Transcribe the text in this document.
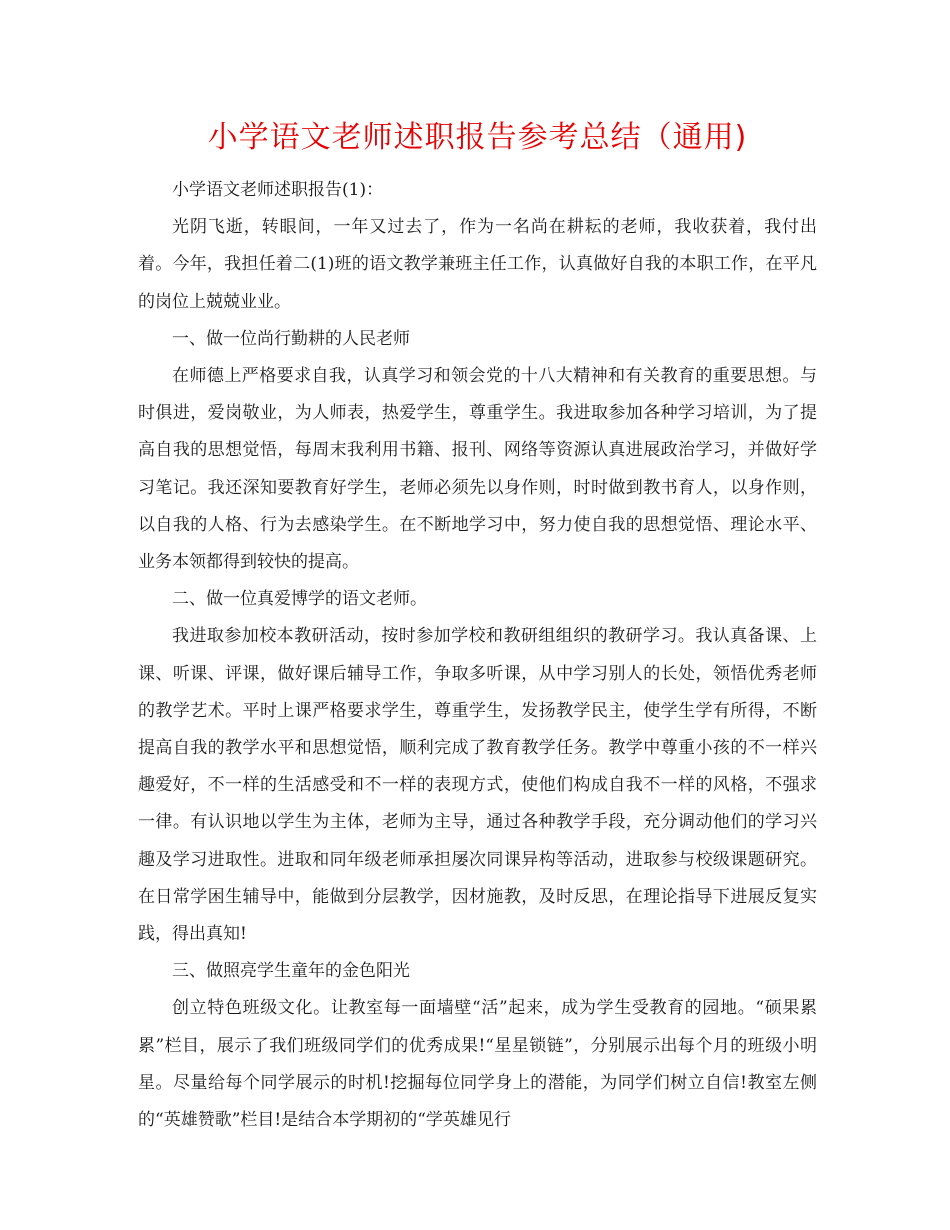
小学语文老师述职报告参考总结（通用)

小学语文老师述职报告(1)：

光阴飞逝，转眼间，一年又过去了，作为一名尚在耕耘的老师，我收获着，我付出着。今年，我担任着二(1)班的语文教学兼班主任工作，认真做好自我的本职工作，在平凡的岗位上兢兢业业。

一、做一位尚行勤耕的人民老师

在师德上严格要求自我，认真学习和领会党的十八大精神和有关教育的重要思想。与时俱进，爱岗敬业，为人师表，热爱学生，尊重学生。我进取参加各种学习培训，为了提高自我的思想觉悟，每周末我利用书籍、报刊、网络等资源认真进展政治学习，并做好学习笔记。我还深知要教育好学生，老师必须先以身作则，时时做到教书育人，以身作则，以自我的人格、行为去感染学生。在不断地学习中，努力使自我的思想觉悟、理论水平、业务本领都得到较快的提高。

二、做一位真爱博学的语文老师。

我进取参加校本教研活动，按时参加学校和教研组组织的教研学习。我认真备课、上课、听课、评课，做好课后辅导工作，争取多听课，从中学习别人的长处，领悟优秀老师的教学艺术。平时上课严格要求学生，尊重学生，发扬教学民主，使学生学有所得，不断提高自我的教学水平和思想觉悟，顺利完成了教育教学任务。教学中尊重小孩的不一样兴趣爱好，不一样的生活感受和不一样的表现方式，使他们构成自我不一样的风格，不强求一律。有认识地以学生为主体，老师为主导，通过各种教学手段，充分调动他们的学习兴趣及学习进取性。进取和同年级老师承担屡次同课异构等活动，进取参与校级课题研究。在日常学困生辅导中，能做到分层教学，因材施教，及时反思，在理论指导下进展反复实践，得出真知!

三、做照亮学生童年的金色阳光

创立特色班级文化。让教室每一面墙壁“活”起来，成为学生受教育的园地。“硕果累累”栏目，展示了我们班级同学们的优秀成果!“星星锁链”，分别展示出每个月的班级小明星。尽量给每个同学展示的时机!挖掘每位同学身上的潜能，为同学们树立自信!教室左侧的“英雄赞歌”栏目!是结合本学期初的“学英雄见行
